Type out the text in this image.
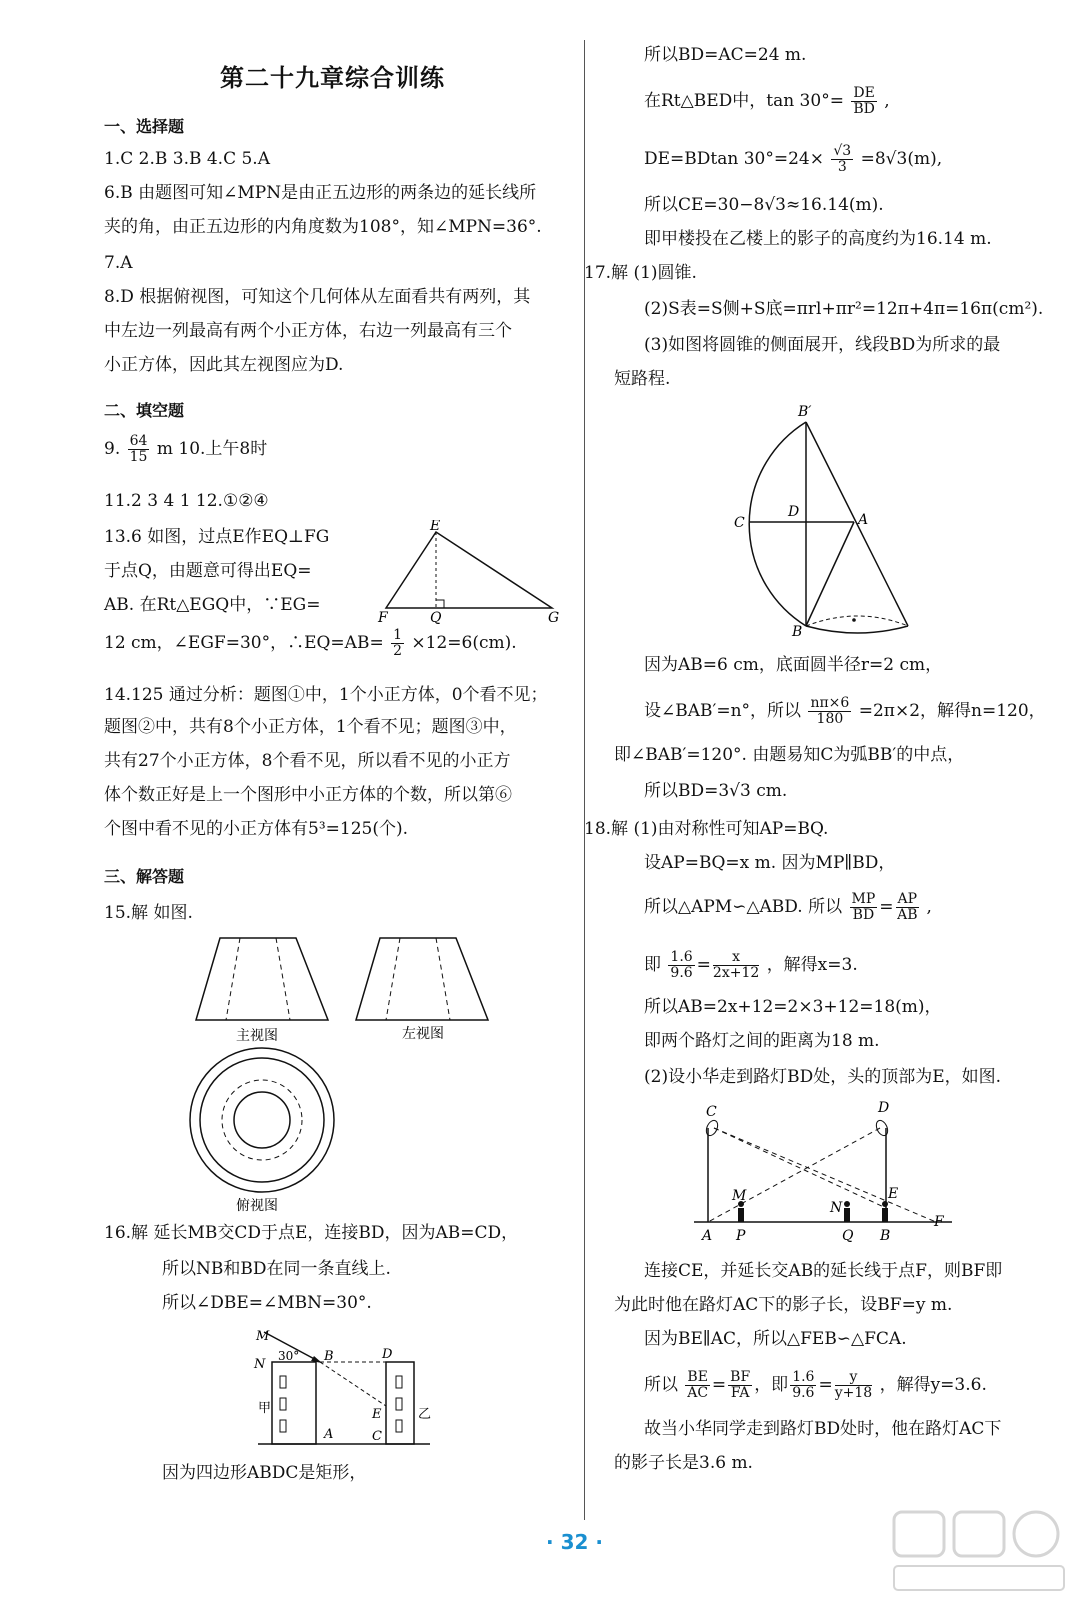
第二十九章综合训练
一、选择题
1.C 2.B 3.B 4.C 5.A
6.B 由题图可知∠MPN是由正五边形的两条边的延长线所
夹的角，由正五边形的内角度数为108°，知∠MPN=36°.
7.A
8.D 根据俯视图，可知这个几何体从左面看共有两列，其
中左边一列最高有两个小正方体，右边一列最高有三个
小正方体，因此其左视图应为D.
二、填空题
9. $\frac{64}{15}$ m 10.上午8时
11.2 3 4 1 12.①②④
13.6 如图，过点E作EQ⊥FG
于点Q，由题意可得出EQ=
AB. 在Rt△EGQ中，∵EG=
12 cm，∠EGF=30°，∴EQ=AB= $\frac{1}{2} \times 12=6(cm)$.
14.125 通过分析：题图①中，1个小正方体，0个看不见；
题图②中，共有8个小正方体，1个看不见；题图③中，
共有27个小正方体，8个看不见，所以看不见的小正方
体个数正好是上一个图形中小正方体的个数，所以第⑥
个图中看不见的小正方体有5³=125(个).
三、解答题
15.解 如图.
16.解 延长MB交CD于点E，连接BD，因为AB=CD，
所以NB和BD在同一条直线上.
所以∠DBE=∠MBN=30°.
因为四边形ABDC是矩形，
E
F	Q	G
主视图	左视图
俯视图
M
N
30° B	D
甲	乙
E
A	C
所以BD=AC=24 m.
在Rt△BED中，$\tan 30^\circ= \frac{DE}{BD}$ ,
DE=BDtan $30^\circ=24\times \frac{√3}{3} =8√3(m)$,
所以CE=30−8√3≈16.14(m).
即甲楼投在乙楼上的影子的高度约为16.14 m.
17.解 (1)圆锥.
(2)S表=S侧+S底=πrl+πr²=12π+4π=16π(cm²).
(3)如图将圆锥的侧面展开，线段BD为所求的最
短路程.
因为AB=6 cm，底面圆半径r=2 cm，
设∠BAB′=n°，所以 $\frac{n\pi\times 6}{180} =2\pi\times 2$，解得n=120，
即∠BAB′=120°. 由题易知C为弧BB′的中点，
所以BD=3√3 cm.
18.解 (1)由对称性可知AP=BQ.
设AP=BQ=x m. 因为MP∥BD，
所以△APM∽△ABD. 所以 $\frac{MP}{BD} = \frac{AP}{AB}$ ,
即 $\frac{1.6}{9.6} = \frac{x}{2x+12}$ ，解得x=3.
所以AB=2x+12=2×3+12=18(m)，
即两个路灯之间的距离为18 m.
(2)设小华走到路灯BD处，头的顶部为E，如图.
连接CE，并延长交AB的延长线于点F，则BF即
为此时他在路灯AC下的影子长，设BF=y m.
因为BE∥AC，所以△FEB∽△FCA.
所以 $\frac{BE}{AC} = \frac{BF}{FA}$ ，即 $\frac{1.6}{9.6} = \frac{y}{y+18}$ ，解得y=3.6.
故当小华同学走到路灯BD处时，他在路灯AC下
的影子长是3.6 m.
B′
C
D	A
B
C	D
M	E
N
F
A P	Q B
· 32 ·
